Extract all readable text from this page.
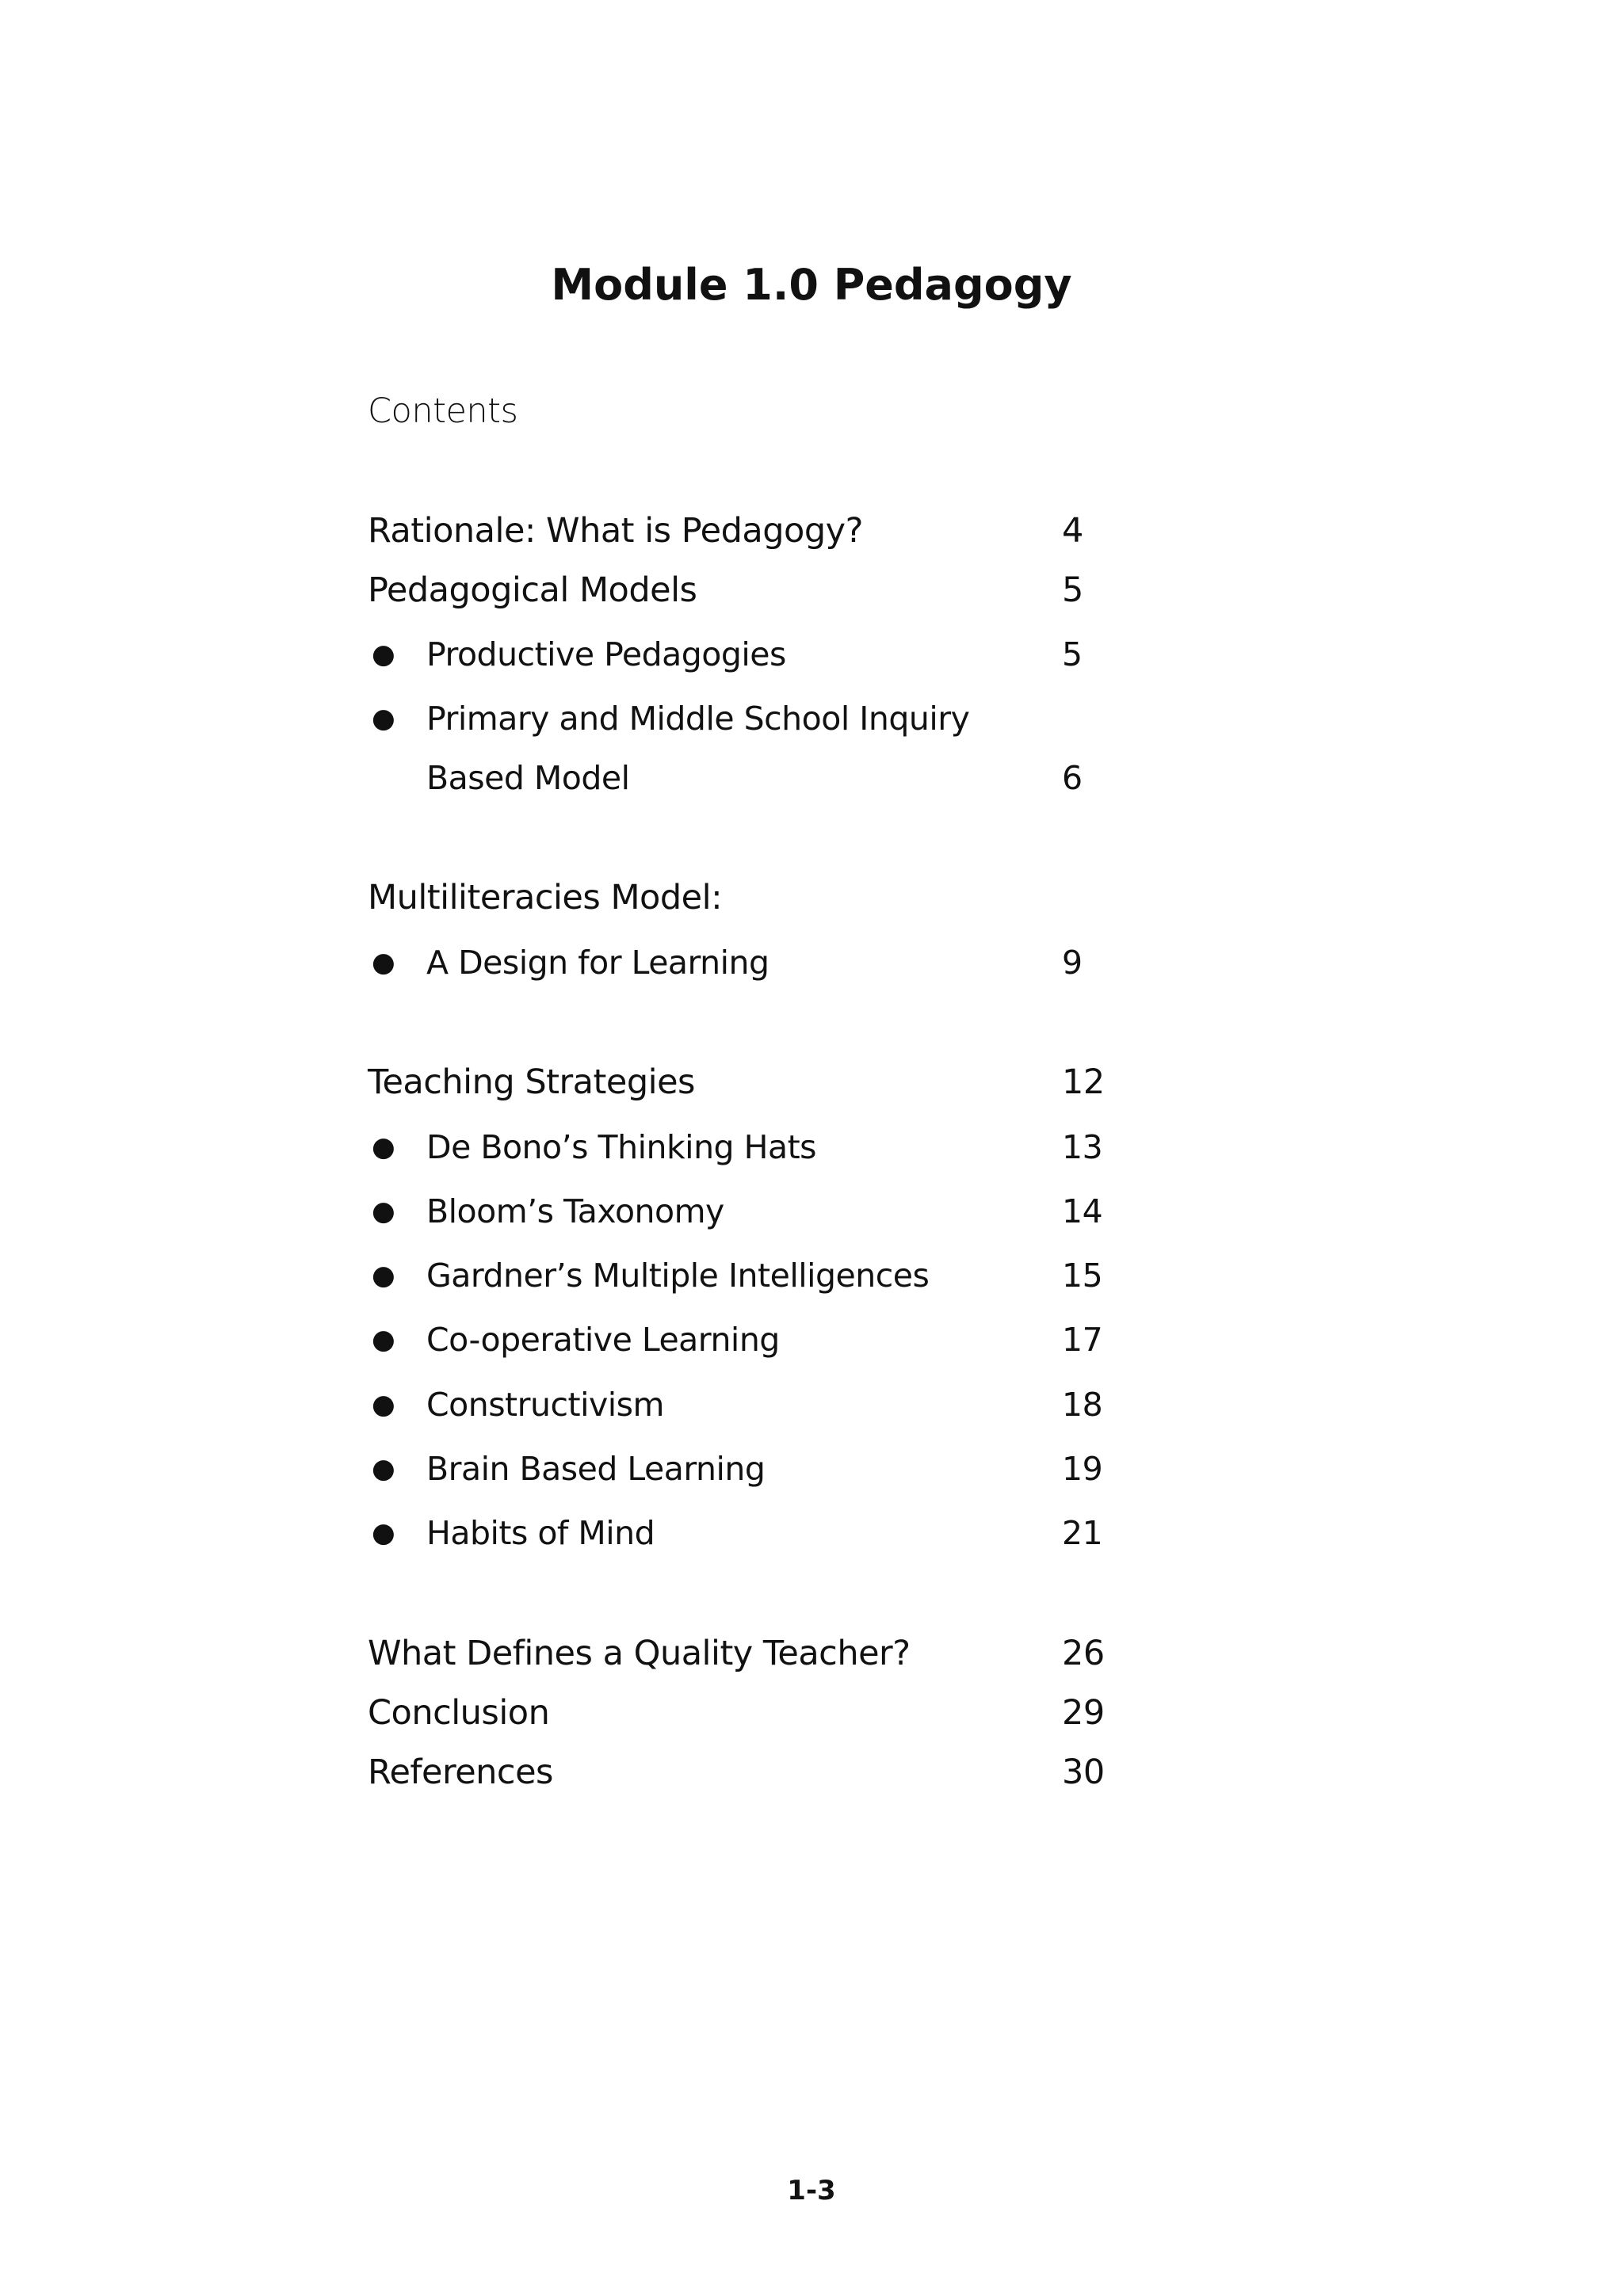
Module 1.0 Pedagogy
Contents
Rationale: What is Pedagogy?	4
Pedagogical Models	5
● Productive Pedagogies	5
● Primary and Middle School Inquiry
Based Model	6
Multiliteracies Model:
● A Design for Learning	9
Teaching Strategies	12
● De Bono’s Thinking Hats	13
● Bloom’s Taxonomy	14
● Gardner’s Multiple Intelligences	15
● Co-operative Learning	17
● Constructivism	18
● Brain Based Learning	19
● Habits of Mind	21
What Defines a Quality Teacher?	26
Conclusion	29
References	30
1-3
